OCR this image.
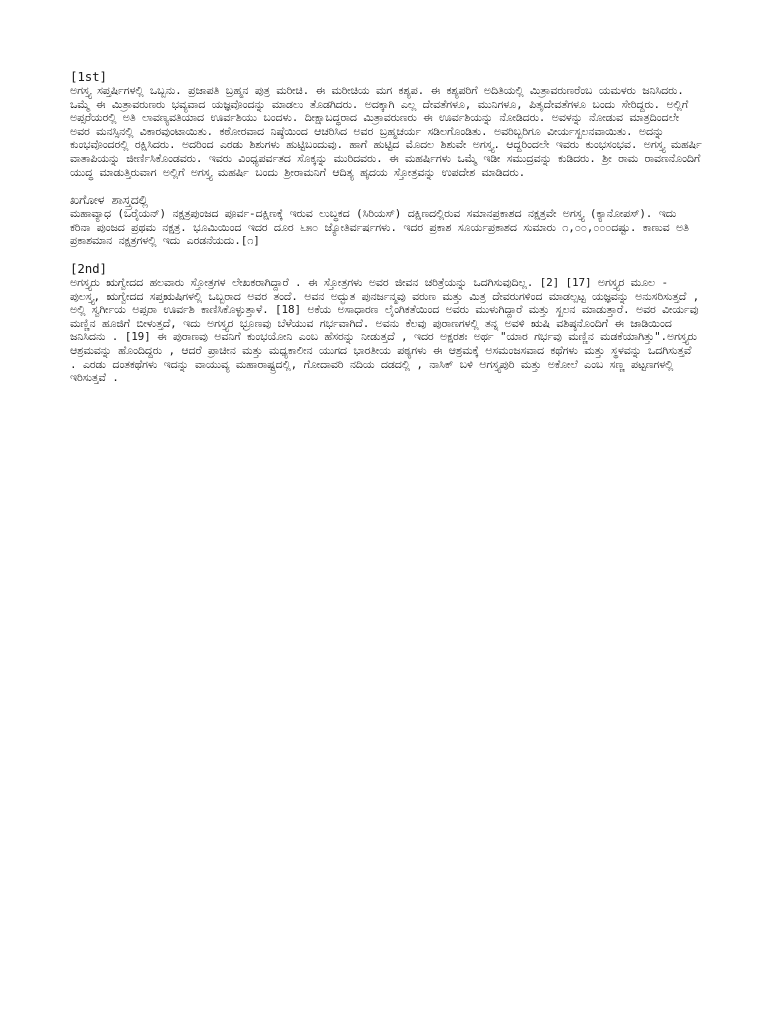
[1st]
ಅಗಸ್ತ್ಯ ಸಪ್ತರ್ಷಿಗಳಲ್ಲಿ ಒಬ್ಬನು. ಪ್ರಜಾಪತಿ ಬ್ರಹ್ಮನ ಪುತ್ರ ಮರೀಚಿ. ಈ ಮರೀಚಿಯ ಮಗ ಕಶ್ಯಪ. ಈ ಕಶ್ಯಪರಿಗೆ ಅದಿತಿಯಲ್ಲಿ ಮಿತ್ರಾವರುಣರೆಂಬ ಯಮಳರು ಜನಿಸಿದರು. ಒಮ್ಮೆ ಈ ಮಿತ್ರಾವರುಣರು ಭವ್ಯವಾದ ಯಜ್ಞವೊಂದನ್ನು ಮಾಡಲು ತೊಡಗಿದರು. ಅದಕ್ಕಾಗಿ ಎಲ್ಲ ದೇವತೆಗಳೂ, ಮುನಿಗಳೂ, ಪಿತೃದೇವತೆಗಳೂ ಬಂದು ಸೇರಿದ್ದರು. ಅಲ್ಲಿಗೆ ಅಪ್ಸರೆಯರಲ್ಲಿ ಅತಿ ಲಾವಣ್ಯವತಿಯಾದ ಊರ್ವಶಿಯು ಬಂದಳು. ದೀಕ್ಷಾಬದ್ಧರಾದ ಮಿತ್ರಾವರುಣರು ಈ ಊರ್ವಶಿಯನ್ನು ನೋಡಿದರು. ಅವಳನ್ನು ನೋಡುವ ಮಾತ್ರದಿಂದಲೇ ಅವರ ಮನಸ್ಸಿನಲ್ಲಿ ವಿಕಾರವುಂಟಾಯಿತು. ಕಠೋರವಾದ ನಿಷ್ಠೆಯಿಂದ ಆಚರಿಸಿದ ಅವರ ಬ್ರಹ್ಮಚರ್ಯ ಸಡಿಲಗೊಂಡಿತು. ಅವರಿಬ್ಬರಿಗೂ ವೀರ್ಯಸ್ಖಲನವಾಯಿತು. ಅದನ್ನು ಕುಂಭವೊಂದರಲ್ಲಿ ರಕ್ಷಿಸಿದರು. ಅದರಿಂದ ಎರಡು ಶಿಶುಗಳು ಹುಟ್ಟಿಬಂದುವು. ಹಾಗೆ ಹುಟ್ಟಿದ ಮೊದಲ ಶಿಶುವೇ ಅಗಸ್ತ್ಯ. ಆದ್ದರಿಂದಲೇ ಇವರು ಕುಂಭಸಂಭವ. ಅಗಸ್ತ್ಯ ಮಹರ್ಷಿ ವಾತಾಪಿಯನ್ನು ಜೀರ್ಣಿಸಿಕೊಂಡವರು. ಇವರು ವಿಂಧ್ಯಪರ್ವತದ ಸೊಕ್ಕನ್ನು ಮುರಿದವರು. ಈ ಮಹರ್ಷಿಗಳು ಒಮ್ಮೆ ಇಡೀ ಸಮುದ್ರವನ್ನು ಕುಡಿದರು. ಶ್ರೀ ರಾಮ ರಾವಣನೊಂದಿಗೆ ಯುದ್ಧ ಮಾಡುತ್ತಿರುವಾಗ ಅಲ್ಲಿಗೆ ಅಗಸ್ತ್ಯ ಮಹರ್ಷಿ ಬಂದು ಶ್ರೀರಾಮನಿಗೆ ಆದಿತ್ಯ ಹೃದಯ ಸ್ತೋತ್ರವನ್ನು ಉಪದೇಶ ಮಾಡಿದರು.
ಖಗೋಳ ಶಾಸ್ತ್ರದಲ್ಲಿ
ಮಹಾವ್ಯಾಧ (ಒರೈಯನ್) ನಕ್ಷತ್ರಪುಂಜದ ಪೂರ್ವ-ದಕ್ಷಿಣಕ್ಕೆ ಇರುವ ಲುಬ್ಧಕದ (ಸಿರಿಯಸ್) ದಕ್ಷಿಣದಲ್ಲಿರುವ ಸಮಾನಪ್ರಕಾಶದ ನಕ್ಷತ್ರವೇ ಅಗಸ್ತ್ಯ (ಕ್ಯಾನೋಪಸ್). ಇದು ಕರಿನಾ ಪುಂಜದ ಪ್ರಥಮ ನಕ್ಷತ್ರ. ಭೂಮಿಯಿಂದ ಇದರ ದೂರ ೬೫೦ ಜ್ಯೋತಿರ್ವರ್ಷಗಳು. ಇದರ ಪ್ರಕಾಶ ಸೂರ್ಯಪ್ರಕಾಶದ ಸುಮಾರು ೧,೦೦,೦೦೦ದಷ್ಟು. ಕಾಣುವ ಅತಿ ಪ್ರಕಾಶಮಾನ ನಕ್ಷತ್ರಗಳಲ್ಲಿ ಇದು ಎರಡನೆಯದು.[೧]
[2nd]
ಅಗಸ್ತ್ಯರು ಋಗ್ವೇದದ ಹಲವಾರು ಸ್ತೋತ್ರಗಳ ಲೇಖಕರಾಗಿದ್ದಾರೆ . ಈ ಸ್ತೋತ್ರಗಳು ಅವರ ಜೀವನ ಚರಿತ್ರೆಯನ್ನು ಒದಗಿಸುವುದಿಲ್ಲ. [2] [17] ಅಗಸ್ತ್ಯರ ಮೂಲ - ಪುಲಸ್ತ್ಯ, ಋಗ್ವೇದದ ಸಪ್ತಋಷಿಗಳಲ್ಲಿ ಒಬ್ಬರಾದ ಅವರ ತಂದೆ. ಅವನ ಅದ್ಭುತ ಪುನರ್ಜನ್ಮವು ವರುಣ ಮತ್ತು ಮಿತ್ರ ದೇವರುಗಳಿಂದ ಮಾಡಲ್ಪಟ್ಟ ಯಜ್ಞವನ್ನು ಅನುಸರಿಸುತ್ತದೆ , ಅಲ್ಲಿ ಸ್ವರ್ಗೀಯ ಅಪ್ಸರಾ ಊರ್ವಶಿ ಕಾಣಿಸಿಕೊಳ್ಳುತ್ತಾಳೆ. [18] ಅಕೆಯ ಅಸಾಧಾರಣ ಲೈಂಗಿಕತೆಯಿಂದ ಅವರು ಮುಳುಗಿದ್ದಾರೆ ಮತ್ತು ಸ್ಖಲನ ಮಾಡುತ್ತಾರೆ. ಅವರ ವೀರ್ಯವು ಮಣ್ಣಿನ ಹೂಜಿಗೆ ಬೀಳುತ್ತದೆ, ಇದು ಅಗಸ್ತ್ಯರ ಭ್ರೂಣವು ಬೆಳೆಯುವ ಗರ್ಭವಾಗಿದೆ. ಅವನು ಕೆಲವು ಪುರಾಣಗಳಲ್ಲಿ ತನ್ನ ಅವಳಿ ಋಷಿ ವಶಿಷ್ಠನೊಂದಿಗೆ ಈ ಜಾಡಿಯಿಂದ ಜನಿಸಿದನು . [19] ಈ ಪುರಾಣವು ಅವನಿಗೆ ಕುಂಭಯೋನಿ ಎಂಬ ಹೆಸರನ್ನು ನೀಡುತ್ತದೆ , ಇದರ ಅಕ್ಷರಶಃ ಅರ್ಥ "ಯಾರ ಗರ್ಭವು ಮಣ್ಣಿನ ಮಡಕೆಯಾಗಿತ್ತು".ಅಗಸ್ತ್ಯರು ಆಶ್ರಮವನ್ನು ಹೊಂದಿದ್ದರು , ಆದರೆ ಪ್ರಾಚೀನ ಮತ್ತು ಮಧ್ಯಕಾಲೀನ ಯುಗದ ಭಾರತೀಯ ಪಠ್ಯಗಳು ಈ ಆಶ್ರಮಕ್ಕೆ ಅಸಮಂಜಸವಾದ ಕಥೆಗಳು ಮತ್ತು ಸ್ಥಳವನ್ನು ಒದಗಿಸುತ್ತವೆ . ಎರಡು ದಂತಕಥೆಗಳು ಇದನ್ನು ವಾಯುವ್ಯ ಮಹಾರಾಷ್ಟ್ರದಲ್ಲಿ, ಗೋದಾವರಿ ನದಿಯ ದಡದಲ್ಲಿ , ನಾಸಿಕ್ ಬಳಿ ಅಗಸ್ತ್ಯಪುರಿ ಮತ್ತು ಅಕೋಲೆ ಎಂಬ ಸಣ್ಣ ಪಟ್ಟಣಗಳಲ್ಲಿ ಇರಿಸುತ್ತವೆ .
